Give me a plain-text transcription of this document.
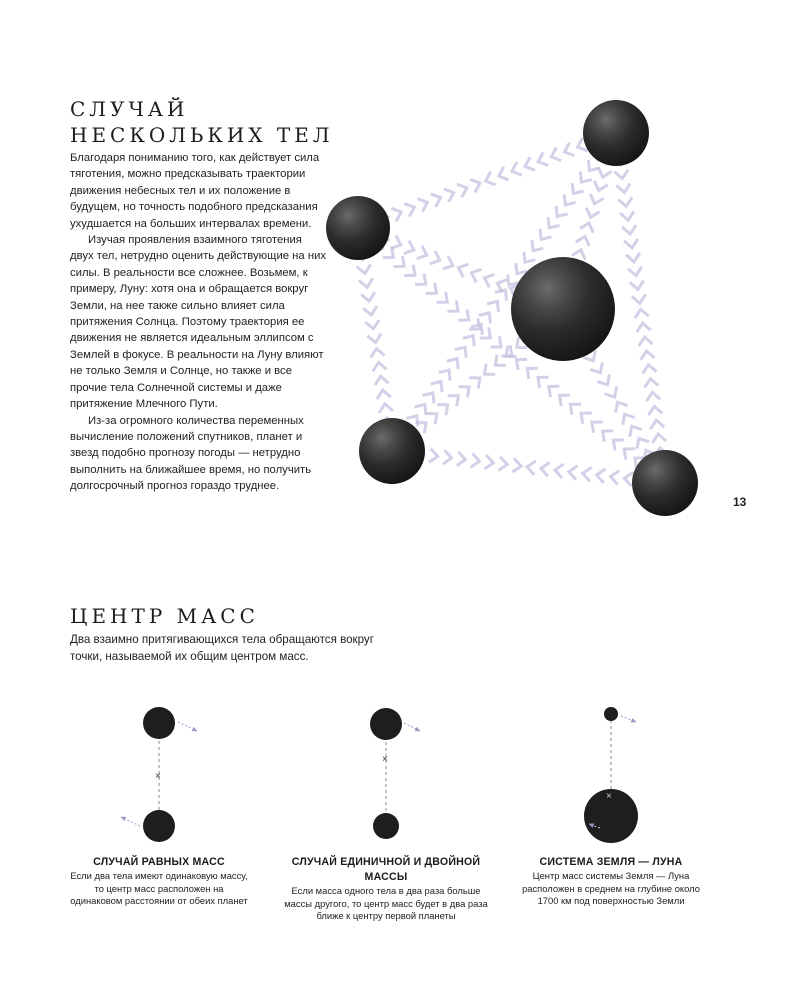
×
×
×
СЛУЧАЙ
НЕСКОЛЬКИХ ТЕЛ

Благодаря пониманию того, как действует сила тяготения, можно предсказывать траектории движения небесных тел и их положение в будущем, но точность подобного предсказания ухудшается на больших интервалах времени.

Изучая проявления взаимного тяготения двух тел, нетрудно оценить действующие на них силы. В реальности все сложнее. Возьмем, к примеру, Луну: хотя она и обращается вокруг Земли, на нее также сильно влияет сила притяжения Солнца. Поэтому траектория ее движения не является идеальным эллипсом с Землей в фокусе. В реальности на Луну влияют не только Земля и Солнце, но также и все прочие тела Солнечной системы и даже притяжение Млечного Пути.

Из-за огромного количества переменных вычисление положений спутников, планет и звезд подобно прогнозу погоды — нетрудно выполнить на ближайшее время, но получить долгосрочный прогноз гораздо труднее.

13
ЦЕНТР МАСС
Два взаимно притягивающихся тела обращаются вокруг точки, называемой их общим центром масс.
СЛУЧАЙ РАВНЫХ МАСС
Если два тела имеют одинаковую массу, то центр масс расположен на одинаковом расстоянии от обеих планет
СЛУЧАЙ ЕДИНИЧНОЙ И ДВОЙНОЙ МАССЫ
Если масса одного тела в два раза больше массы другого, то центр масс будет в два раза ближе к центру первой планеты
СИСТЕМА ЗЕМЛЯ — ЛУНА
Центр масс системы Земля — Луна расположен в среднем на глубине около 1700 км под поверхностью Земли
